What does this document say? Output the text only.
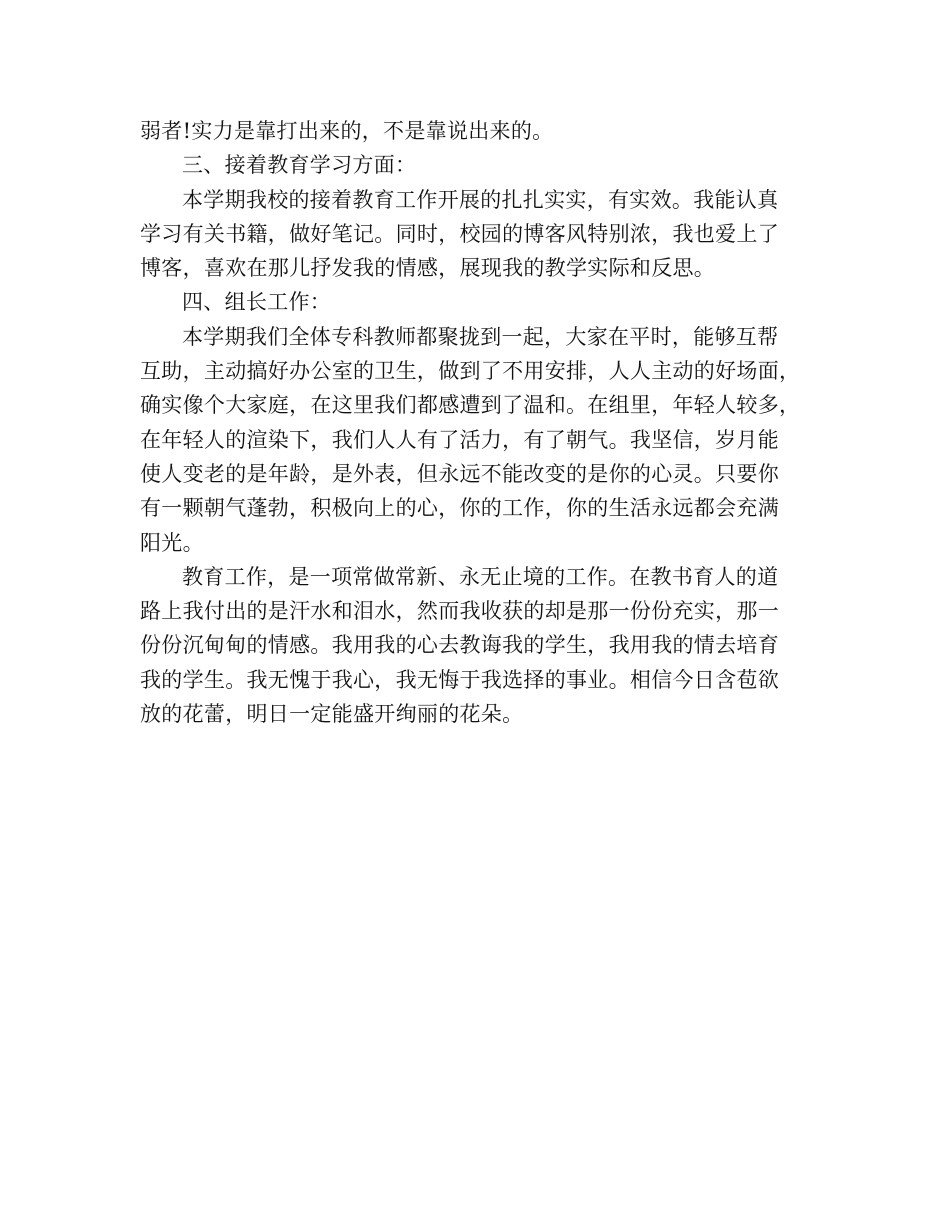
弱者!实力是靠打出来的，不是靠说出来的。

三、接着教育学习方面：

本学期我校的接着教育工作开展的扎扎实实，有实效。我能认真
学习有关书籍，做好笔记。同时，校园的博客风特别浓，我也爱上了
博客，喜欢在那儿抒发我的情感，展现我的教学实际和反思。

四、组长工作：

本学期我们全体专科教师都聚拢到一起，大家在平时，能够互帮
互助，主动搞好办公室的卫生，做到了不用安排，人人主动的好场面，
确实像个大家庭，在这里我们都感遭到了温和。在组里，年轻人较多，
在年轻人的渲染下，我们人人有了活力，有了朝气。我坚信，岁月能
使人变老的是年龄，是外表，但永远不能改变的是你的心灵。只要你
有一颗朝气蓬勃，积极向上的心，你的工作，你的生活永远都会充满
阳光。

教育工作，是一项常做常新、永无止境的工作。在教书育人的道
路上我付出的是汗水和泪水，然而我收获的却是那一份份充实，那一
份份沉甸甸的情感。我用我的心去教诲我的学生，我用我的情去培育
我的学生。我无愧于我心，我无悔于我选择的事业。相信今日含苞欲
放的花蕾，明日一定能盛开绚丽的花朵。
